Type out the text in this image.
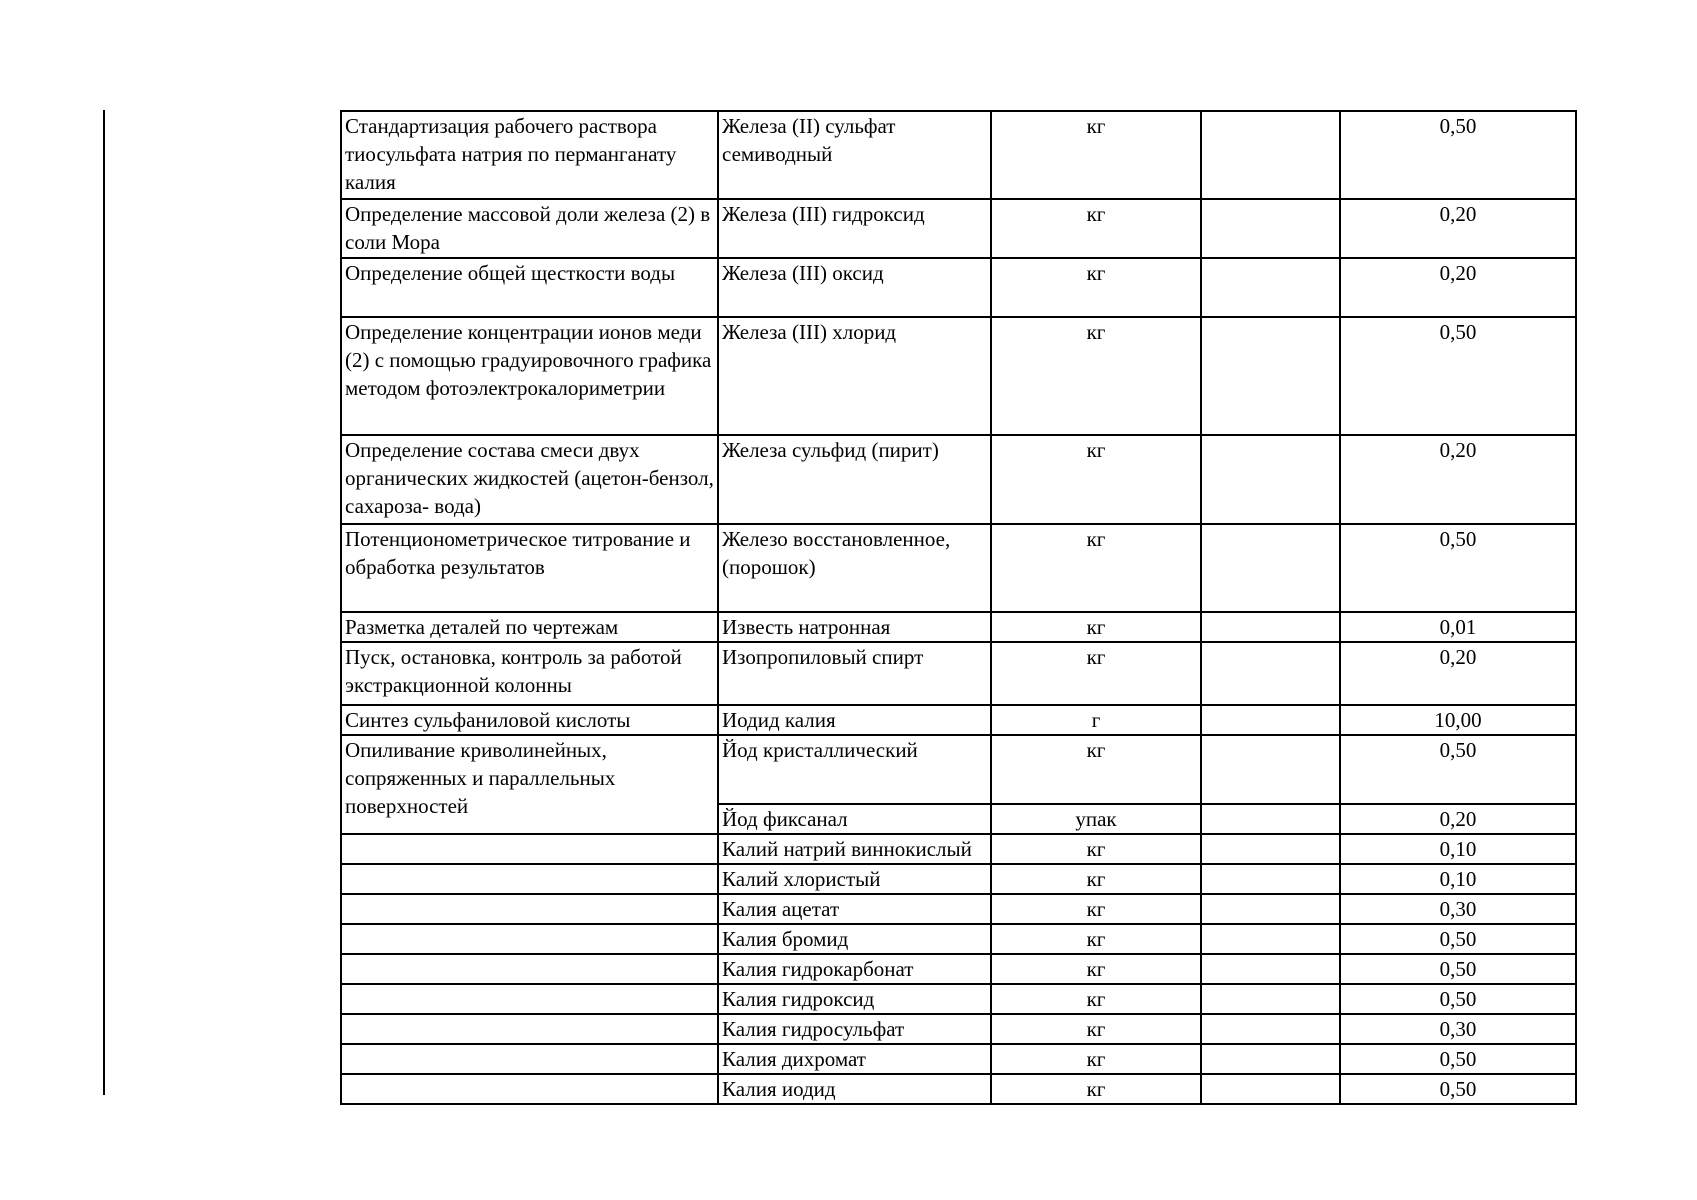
Стандартизация рабочего раствора тиосульфата натрия по перманганату калия	Железа (II) сульфат семиводный	кг		0,50
Определение массовой доли железа (2) в соли Мора	Железа (III) гидроксид	кг		0,20
Определение общей щесткости воды	Железа (III) оксид	кг		0,20
Определение концентрации ионов меди (2) с помощью градуировочного графика методом фотоэлектрокалориметрии	Железа (III) хлорид	кг		0,50
Определение состава смеси двух органических жидкостей (ацетон-бензол, сахароза- вода)	Железа сульфид (пирит)	кг		0,20
Потенционометрическое титрование и обработка результатов	Железо восстановленное, (порошок)	кг		0,50
Разметка деталей по чертежам	Известь натронная	кг		0,01
Пуск, остановка, контроль за работой экстракционной колонны	Изопропиловый спирт	кг		0,20
Синтез сульфаниловой кислоты	Иодид калия	г		10,00
Опиливание криволинейных, сопряженных и параллельных поверхностей	Йод кристаллический	кг		0,50
	Йод фиксанал	упак		0,20
	Калий натрий виннокислый	кг		0,10
	Калий хлористый	кг		0,10
	Калия ацетат	кг		0,30
	Калия бромид	кг		0,50
	Калия гидрокарбонат	кг		0,50
	Калия гидроксид	кг		0,50
	Калия гидросульфат	кг		0,30
	Калия дихромат	кг		0,50
	Калия иодид	кг		0,50
